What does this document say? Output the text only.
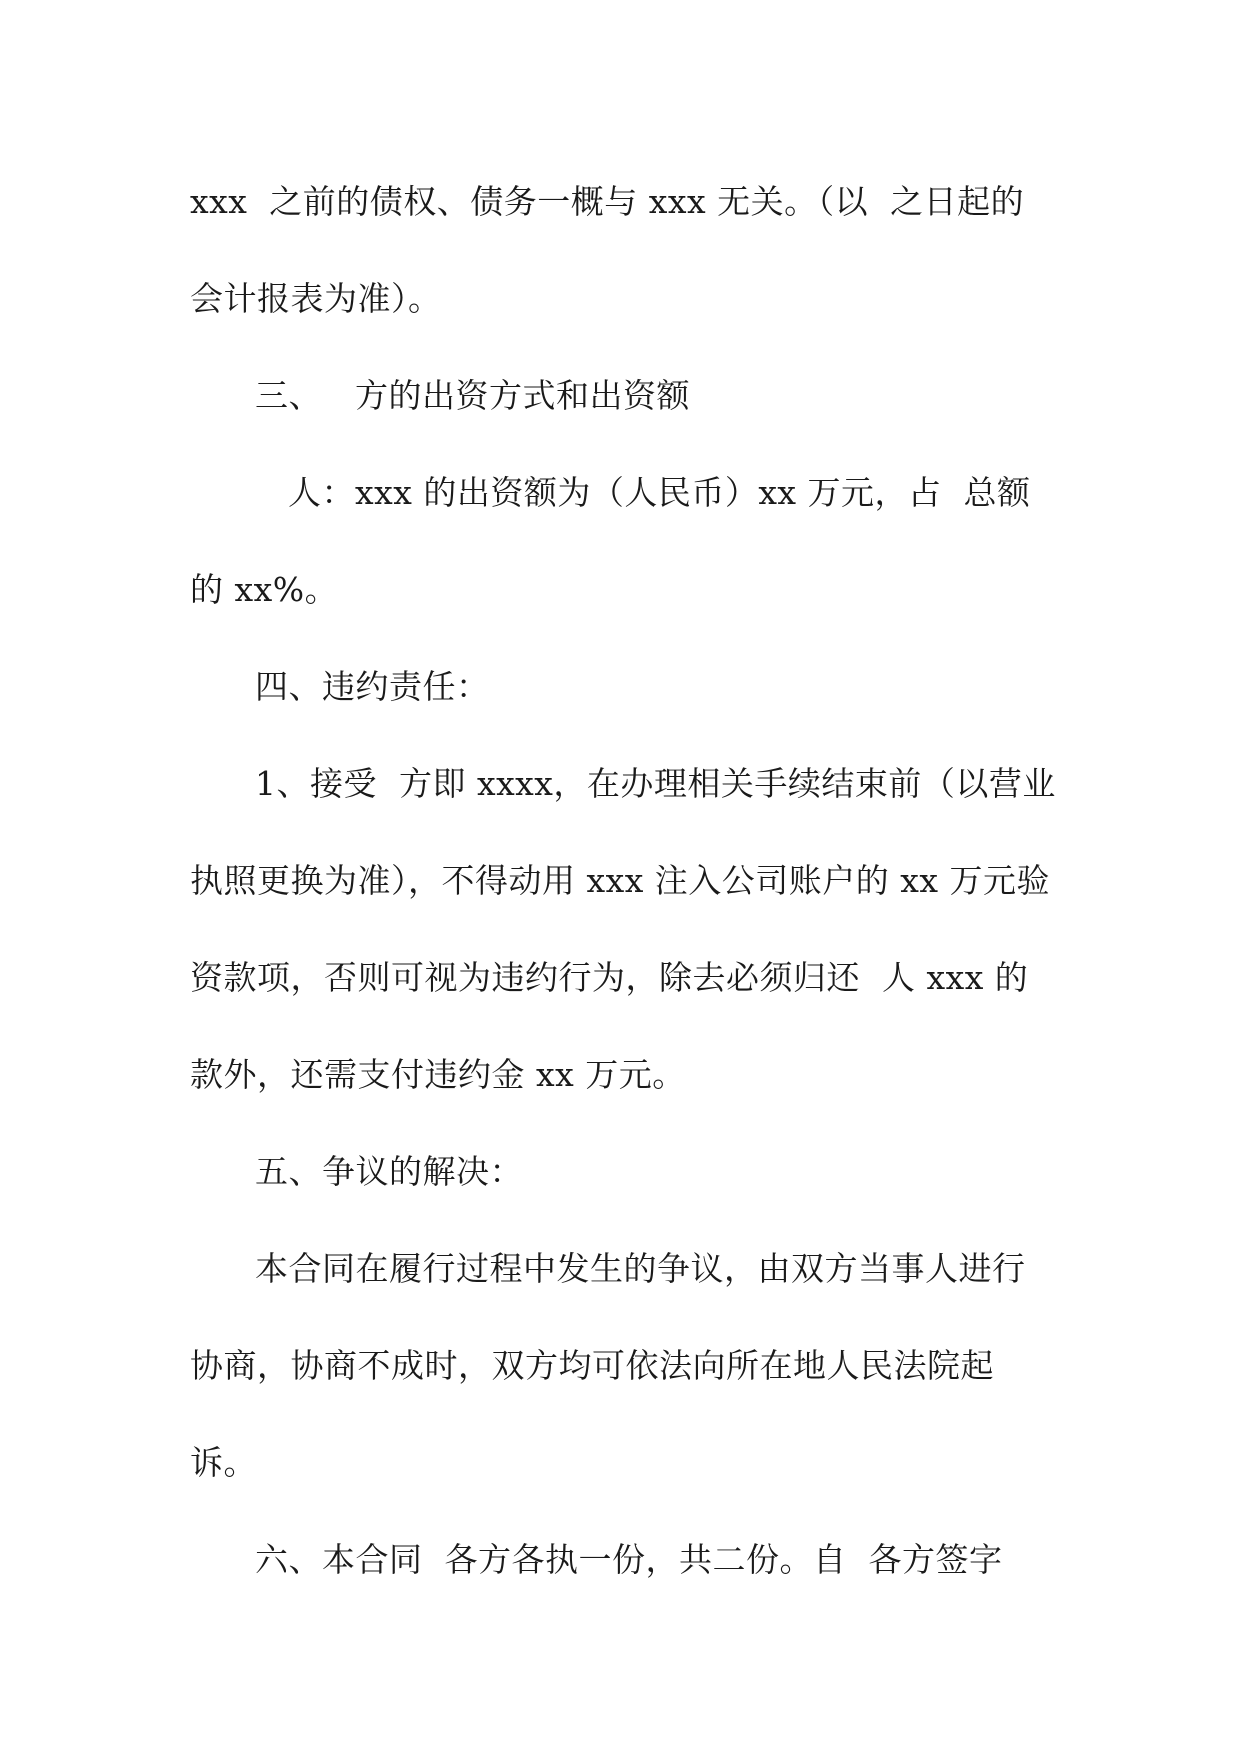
xxx  之前的债权、债务一概与 xxx 无关。（以  之日起的
会计报表为准）。
三、   方的出资方式和出资额
人：xxx 的出资额为（人民币）xx 万元，占  总额
的 xx%。
四、违约责任：
1、接受  方即 xxxx，在办理相关手续结束前（以营业
执照更换为准），不得动用 xxx 注入公司账户的 xx 万元验
资款项，否则可视为违约行为，除去必须归还  人 xxx 的
款外，还需支付违约金 xx 万元。
五、争议的解决：
本合同在履行过程中发生的争议，由双方当事人进行
协商，协商不成时，双方均可依法向所在地人民法院起
诉。
六、本合同  各方各执一份，共二份。自  各方签字
